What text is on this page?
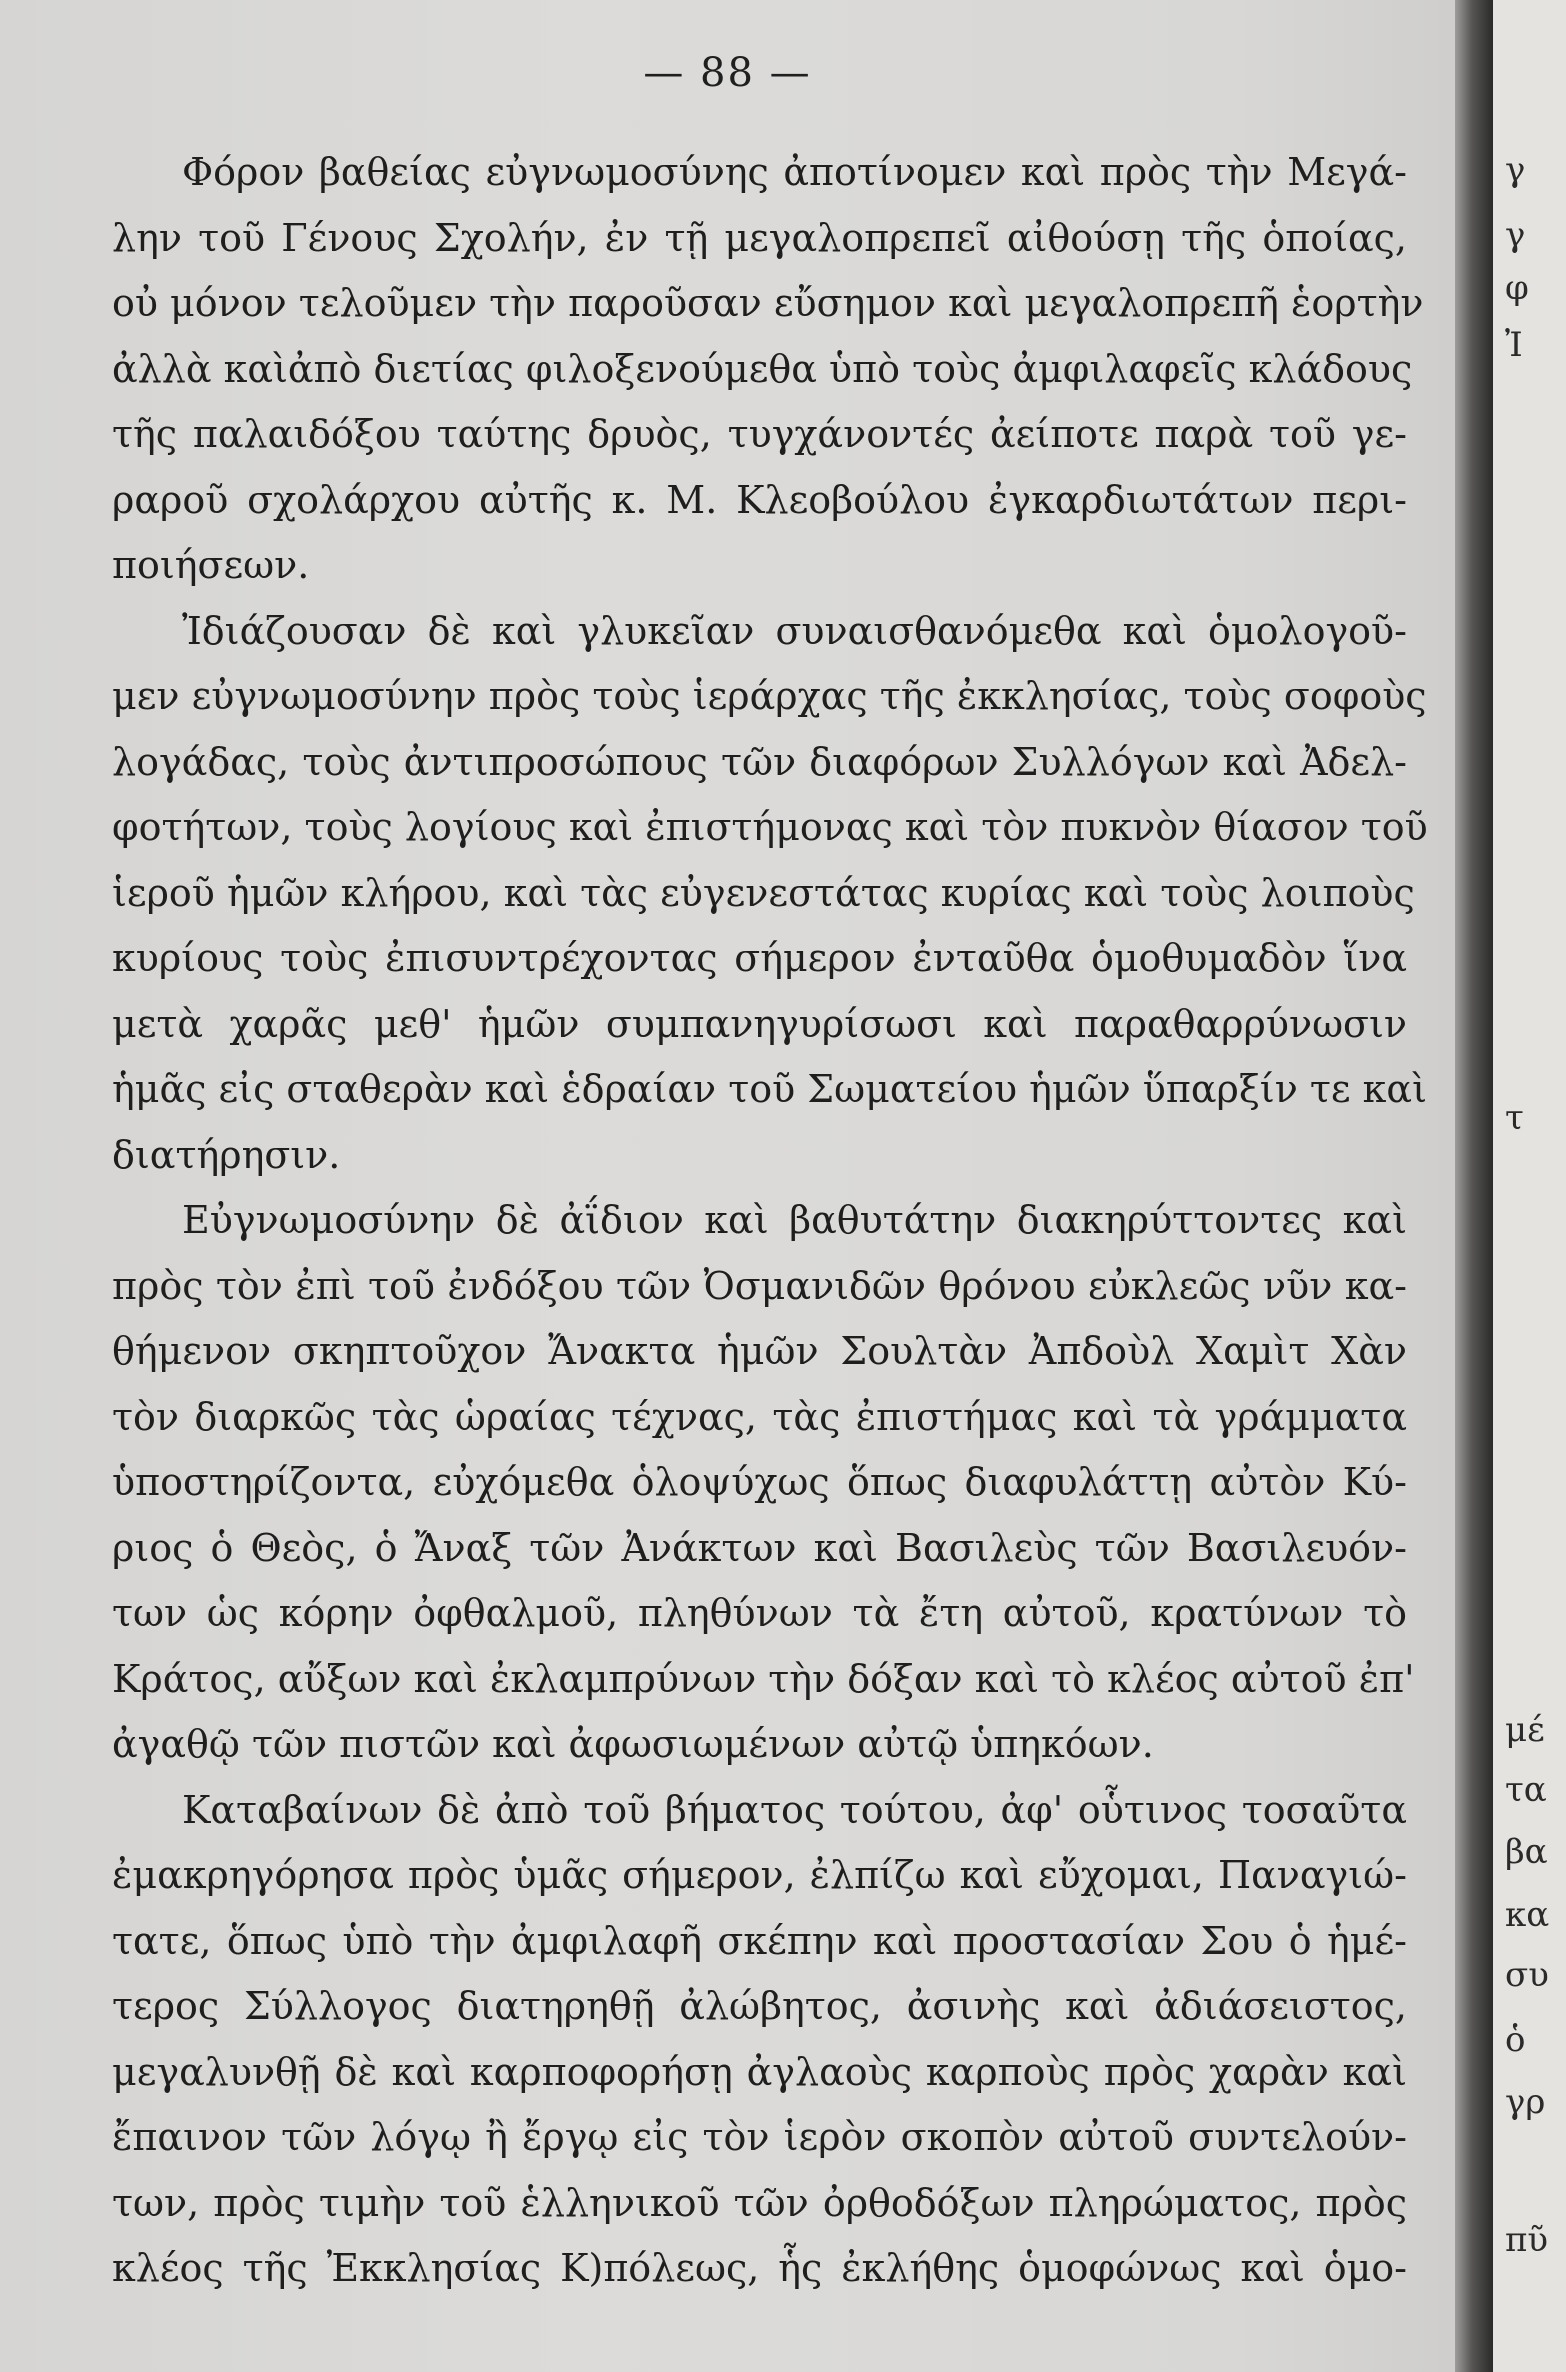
— 88 —
Φόρον βαθείας εὐγνωμοσύνης ἀποτίνομεν καὶ πρὸς τὴν Μεγά-
λην τοῦ Γένους Σχολήν, ἐν τῇ μεγαλοπρεπεῖ αἰθούσῃ τῆς ὁποίας,
οὐ μόνον τελοῦμεν τὴν παροῦσαν εὔσημον καὶ μεγαλοπρεπῆ ἑορτὴν
ἀλλὰ καὶἀπὸ διετίας φιλοξενούμεθα ὑπὸ τοὺς ἀμφιλαφεῖς κλάδους
τῆς παλαιδόξου ταύτης δρυὸς, τυγχάνοντές ἀείποτε παρὰ τοῦ γε-
ραροῦ σχολάρχου αὐτῆς κ. Μ. Κλεοβούλου ἐγκαρδιωτάτων περι-
ποιήσεων.
Ἰδιάζουσαν δὲ καὶ γλυκεῖαν συναισθανόμεθα καὶ ὁμολογοῦ-
μεν εὐγνωμοσύνην πρὸς τοὺς ἱεράρχας τῆς ἐκκλησίας, τοὺς σοφοὺς
λογάδας, τοὺς ἀντιπροσώπους τῶν διαφόρων Συλλόγων καὶ Ἀδελ-
φοτήτων, τοὺς λογίους καὶ ἐπιστήμονας καὶ τὸν πυκνὸν θίασον τοῦ
ἱεροῦ ἡμῶν κλήρου, καὶ τὰς εὐγενεστάτας κυρίας καὶ τοὺς λοιποὺς
κυρίους τοὺς ἐπισυντρέχοντας σήμερον ἐνταῦθα ὁμοθυμαδὸν ἵνα
μετὰ χαρᾶς μεθ' ἡμῶν συμπανηγυρίσωσι καὶ παραθαρρύνωσιν
ἡμᾶς εἰς σταθερὰν καὶ ἑδραίαν τοῦ Σωματείου ἡμῶν ὕπαρξίν τε καὶ
διατήρησιν.
Εὐγνωμοσύνην δὲ ἀΐδιον καὶ βαθυτάτην διακηρύττοντες καὶ
πρὸς τὸν ἐπὶ τοῦ ἐνδόξου τῶν Ὀσμανιδῶν θρόνου εὐκλεῶς νῦν κα-
θήμενον σκηπτοῦχον Ἄνακτα ἡμῶν Σουλτὰν Ἀπδοὺλ Χαμὶτ Χὰν
τὸν διαρκῶς τὰς ὡραίας τέχνας, τὰς ἐπιστήμας καὶ τὰ γράμματα
ὑποστηρίζοντα, εὐχόμεθα ὁλοψύχως ὅπως διαφυλάττῃ αὐτὸν Κύ-
ριος ὁ Θεὸς, ὁ Ἄναξ τῶν Ἀνάκτων καὶ Βασιλεὺς τῶν Βασιλευόν-
των ὡς κόρην ὀφθαλμοῦ, πληθύνων τὰ ἔτη αὐτοῦ, κρατύνων τὸ
Κράτος, αὔξων καὶ ἐκλαμπρύνων τὴν δόξαν καὶ τὸ κλέος αὐτοῦ ἐπ'
ἀγαθῷ τῶν πιστῶν καὶ ἀφωσιωμένων αὐτῷ ὑπηκόων.
Καταβαίνων δὲ ἀπὸ τοῦ βήματος τούτου, ἀφ' οὗτινος τοσαῦτα
ἐμακρηγόρησα πρὸς ὑμᾶς σήμερον, ἐλπίζω καὶ εὔχομαι, Παναγιώ-
τατε, ὅπως ὑπὸ τὴν ἀμφιλαφῆ σκέπην καὶ προστασίαν Σου ὁ ἡμέ-
τερος Σύλλογος διατηρηθῇ ἀλώβητος, ἀσινὴς καὶ ἀδιάσειστος,
μεγαλυνθῇ δὲ καὶ καρποφορήσῃ ἀγλαοὺς καρποὺς πρὸς χαρὰν καὶ
ἔπαινον τῶν λόγῳ ἢ ἔργῳ εἰς τὸν ἱερὸν σκοπὸν αὐτοῦ συντελούν-
των, πρὸς τιμὴν τοῦ ἑλληνικοῦ τῶν ὀρθοδόξων πληρώματος, πρὸς
κλέος τῆς Ἐκκλησίας Κ)πόλεως, ἧς ἐκλήθης ὁμοφώνως καὶ ὁμο-
γ
γ
φ
Ἰ
τ
μέ
τα
βα
κα
συ
ὁ
γρ
πῦ
